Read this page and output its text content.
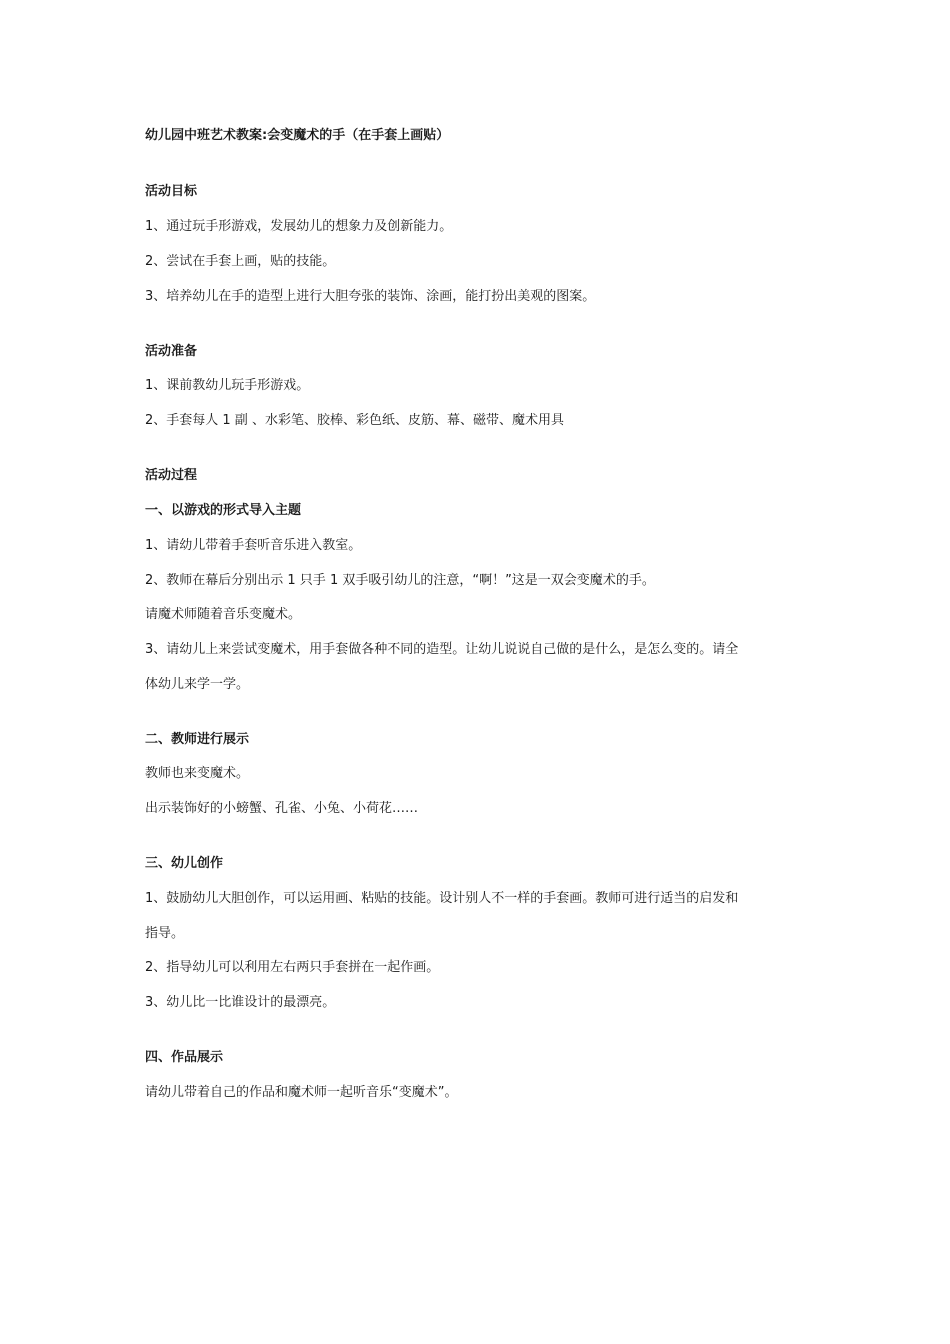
幼儿园中班艺术教案:会变魔术的手（在手套上画贴）
活动目标
1、通过玩手形游戏，发展幼儿的想象力及创新能力。
2、尝试在手套上画，贴的技能。
3、培养幼儿在手的造型上进行大胆夸张的装饰、涂画，能打扮出美观的图案。
活动准备
1、课前教幼儿玩手形游戏。
2、手套每人 1 副 、水彩笔、胶棒、彩色纸、皮筋、幕、磁带、魔术用具
活动过程
一、以游戏的形式导入主题
1、请幼儿带着手套听音乐进入教室。
2、教师在幕后分别出示 1 只手 1 双手吸引幼儿的注意，“啊！”这是一双会变魔术的手。
请魔术师随着音乐变魔术。
3、请幼儿上来尝试变魔术，用手套做各种不同的造型。让幼儿说说自己做的是什么，是怎么变的。请全
体幼儿来学一学。
二、教师进行展示
教师也来变魔术。
出示装饰好的小螃蟹、孔雀、小兔、小荷花……
三、幼儿创作
1、鼓励幼儿大胆创作，可以运用画、粘贴的技能。设计别人不一样的手套画。教师可进行适当的启发和
指导。
2、指导幼儿可以利用左右两只手套拼在一起作画。
3、幼儿比一比谁设计的最漂亮。
四、作品展示
请幼儿带着自己的作品和魔术师一起听音乐“变魔术”。
